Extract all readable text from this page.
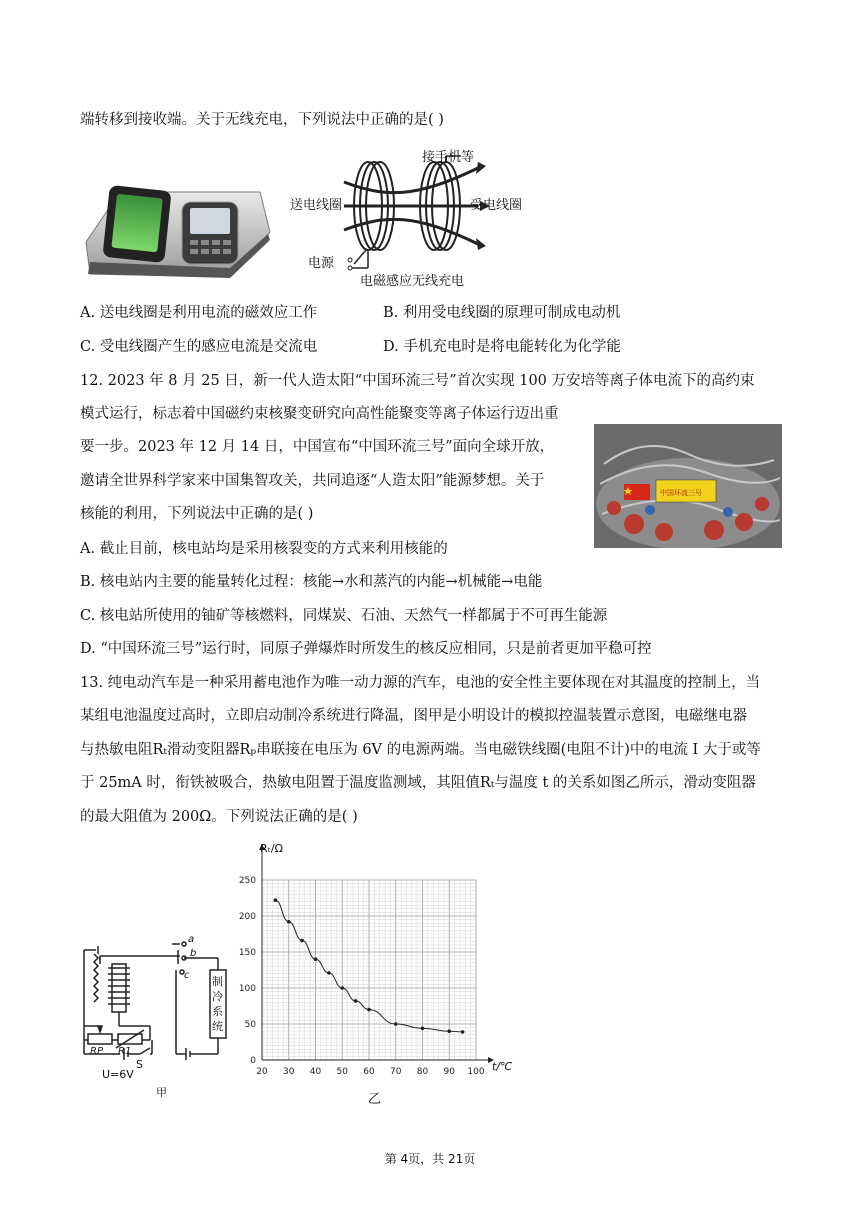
端转移到接收端。关于无线充电，下列说法中正确的是( )
接手机等
送电线圈	受电线圈
电源
电磁感应无线充电
A. 送电线圈是利用电流的磁效应工作	B. 利用受电线圈的原理可制成电动机
C. 受电线圈产生的感应电流是交流电	D. 手机充电时是将电能转化为化学能
12. 2023 年 8 月 25 日，新一代人造太阳“中国环流三号”首次实现 100 万安培等离子体电流下的高约束
模式运行，标志着中国磁约束核聚变研究向高性能聚变等离子体运行迈出重
要一步。2023 年 12 月 14 日，中国宣布“中国环流三号”面向全球开放，
邀请全世界科学家来中国集智攻关，共同追逐“人造太阳”能源梦想。关于
核能的利用，下列说法中正确的是( )
中国环流三号
A. 截止目前，核电站均是采用核裂变的方式来利用核能的
B. 核电站内主要的能量转化过程：核能→水和蒸汽的内能→机械能→电能
C. 核电站所使用的铀矿等核燃料，同煤炭、石油、天然气一样都属于不可再生能源
D. “中国环流三号”运行时，同原子弹爆炸时所发生的核反应相同，只是前者更加平稳可控
13. 纯电动汽车是一种采用蓄电池作为唯一动力源的汽车，电池的安全性主要体现在对其温度的控制上，当
某组电池温度过高时，立即启动制冷系统进行降温，图甲是小明设计的模拟控温装置示意图，电磁继电器
与热敏电阻Rₜ滑动变阻器Rₚ串联接在电压为 6V 的电源两端。当电磁铁线圈(电阻不计)中的电流 I 大于或等
于 25mA 时，衔铁被吸合，热敏电阻置于温度监测域，其阻值Rₜ与温度 t 的关系如图乙所示，滑动变阻器
的最大阻值为 200Ω。下列说法正确的是( )
a
b
c 制冷系统
RP R1
S
U=6V
甲
20 30 40 50 60 70 80 90 100
0
50
100
150
200
250
Rₜ/Ω
t/℃
乙
第 4页，共 21页
